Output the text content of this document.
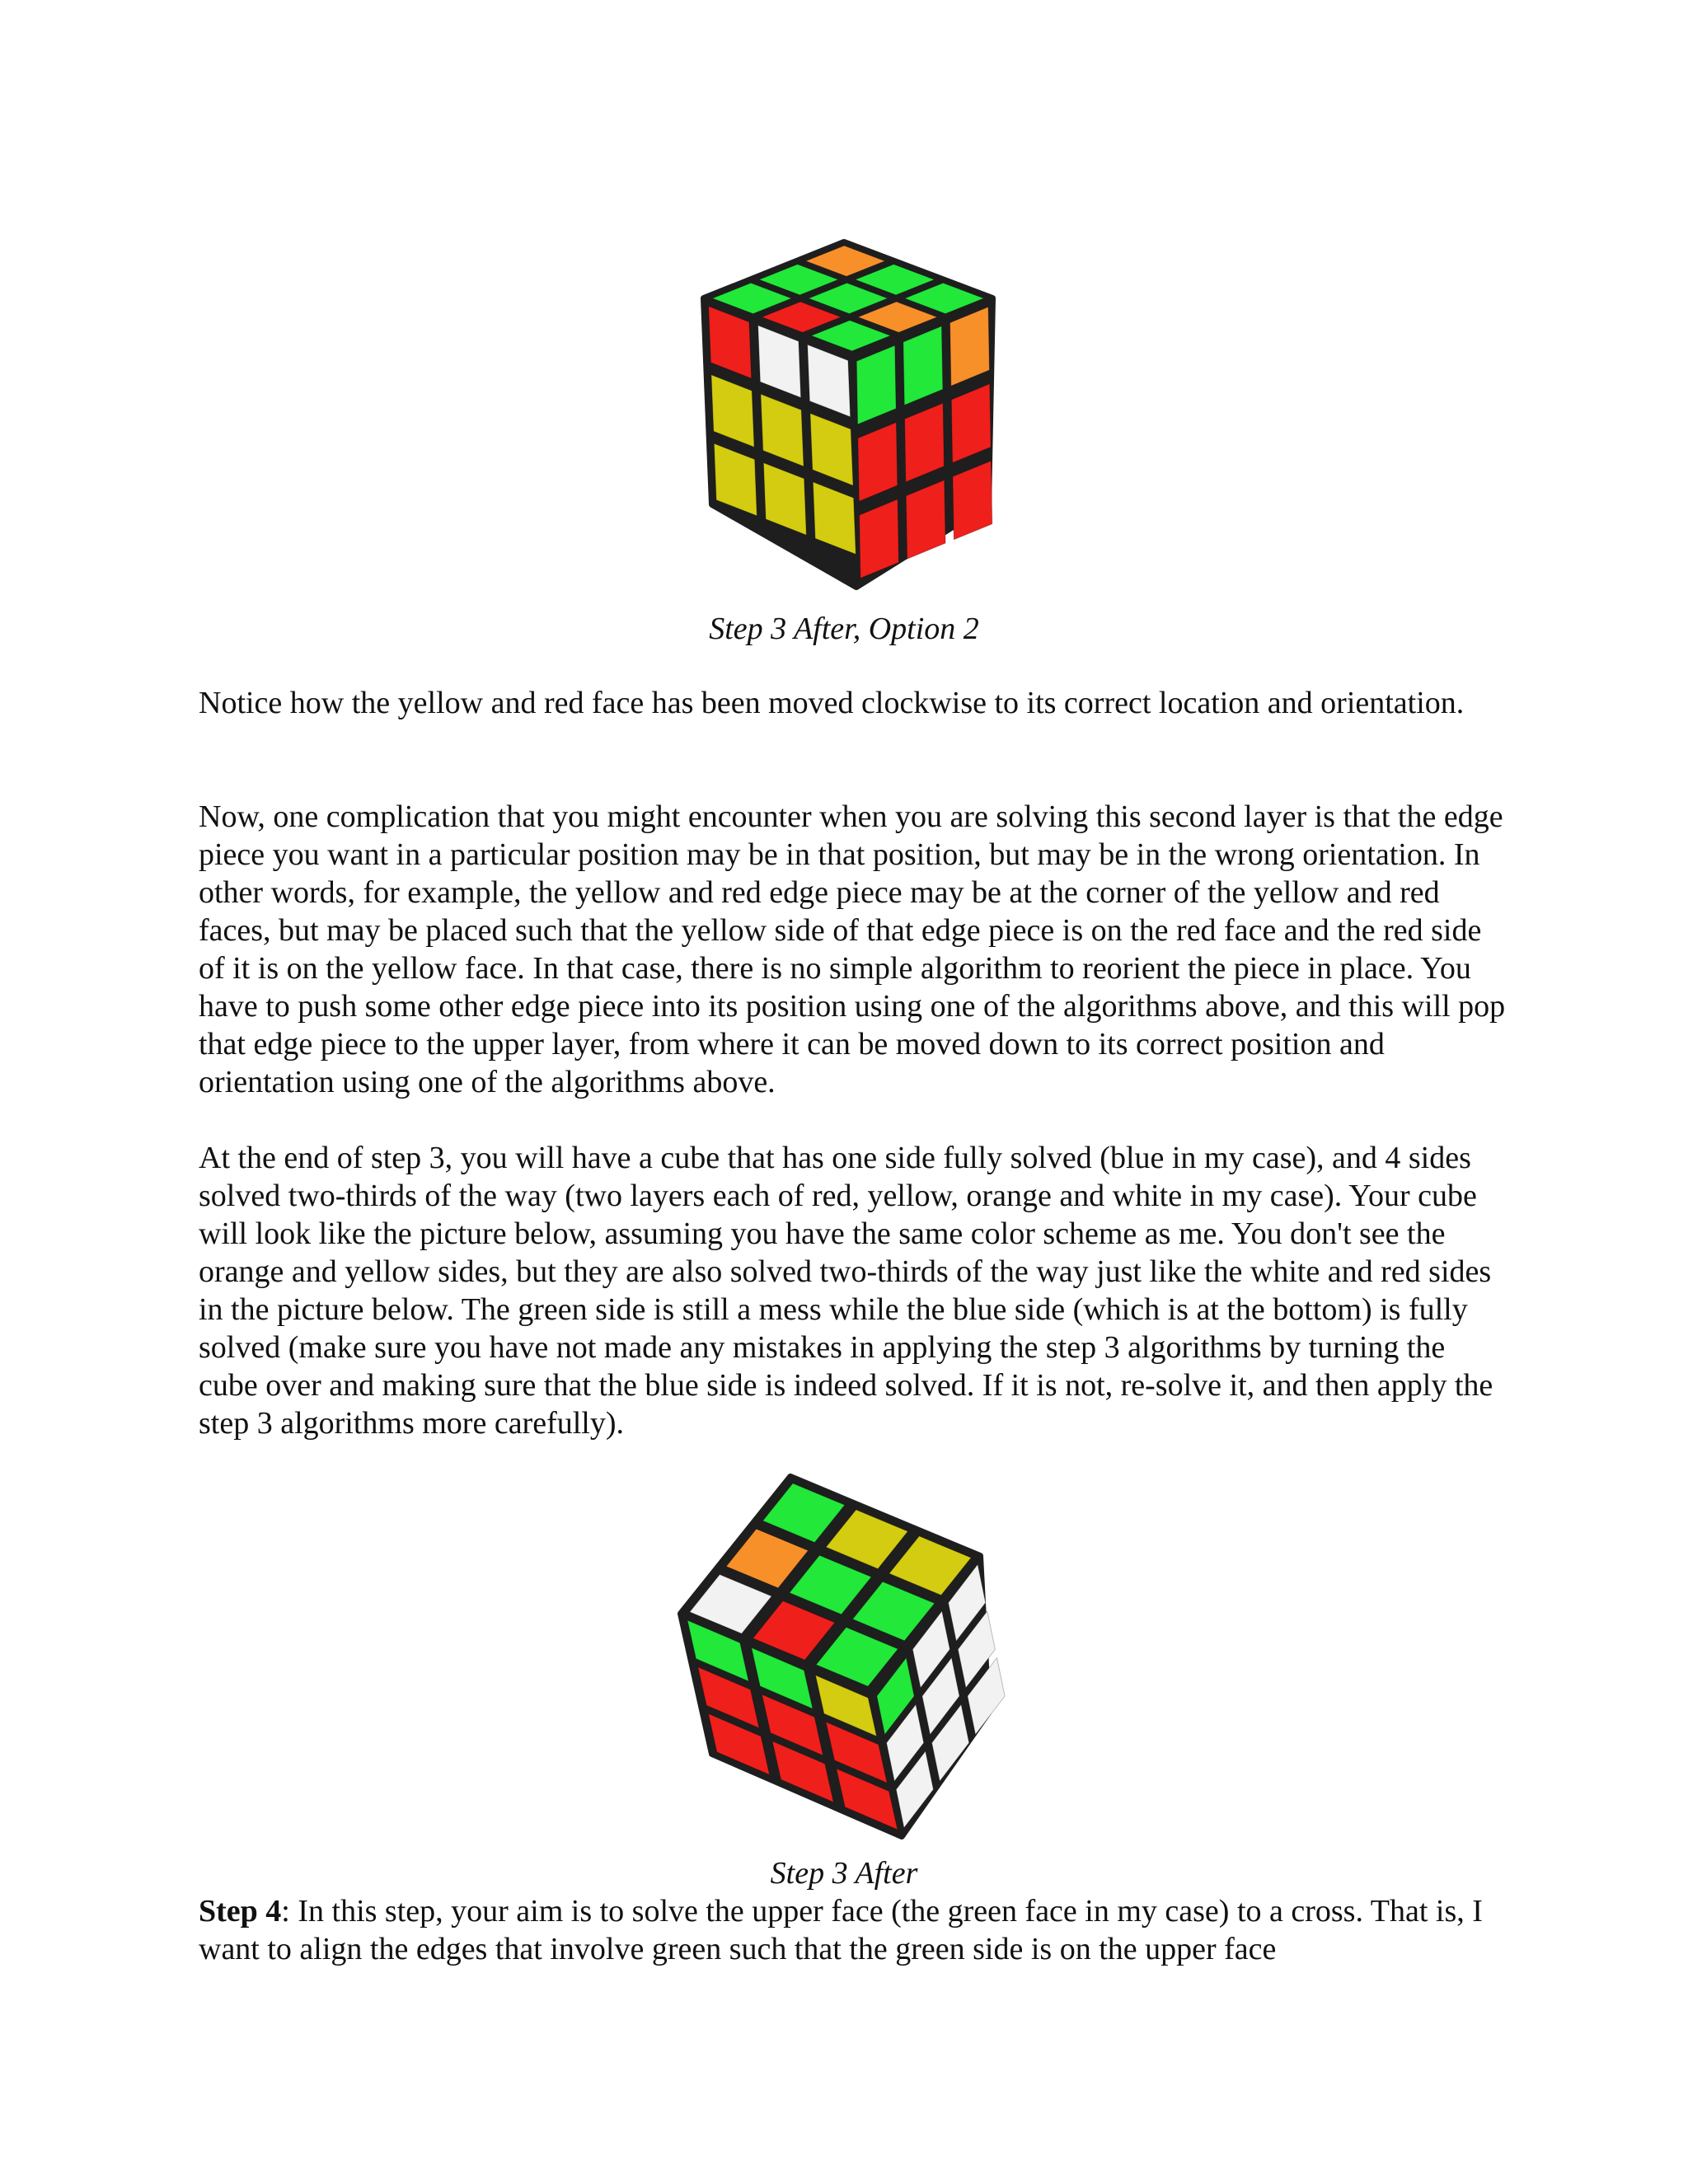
Step 3 After, Option 2

Notice how the yellow and red face has been moved clockwise to its correct location and orientation.

Now, one complication that you might encounter when you are solving this second layer is that the edge piece you want in a particular position may be in that position, but may be in the wrong orientation. In other words, for example, the yellow and red edge piece may be at the corner of the yellow and red faces, but may be placed such that the yellow side of that edge piece is on the red face and the red side of it is on the yellow face. In that case, there is no simple algorithm to reorient the piece in place. You have to push some other edge piece into its position using one of the algorithms above, and this will pop that edge piece to the upper layer, from where it can be moved down to its correct position and orientation using one of the algorithms above.

At the end of step 3, you will have a cube that has one side fully solved (blue in my case), and 4 sides solved two-thirds of the way (two layers each of red, yellow, orange and white in my case). Your cube will look like the picture below, assuming you have the same color scheme as me. You don't see the orange and yellow sides, but they are also solved two-thirds of the way just like the white and red sides in the picture below. The green side is still a mess while the blue side (which is at the bottom) is fully solved (make sure you have not made any mistakes in applying the step 3 algorithms by turning the cube over and making sure that the blue side is indeed solved. If it is not, re-solve it, and then apply the step 3 algorithms more carefully).

Step 3 After

Step 4: In this step, your aim is to solve the upper face (the green face in my case) to a cross. That is, I want to align the edges that involve green such that the green side is on the upper face
